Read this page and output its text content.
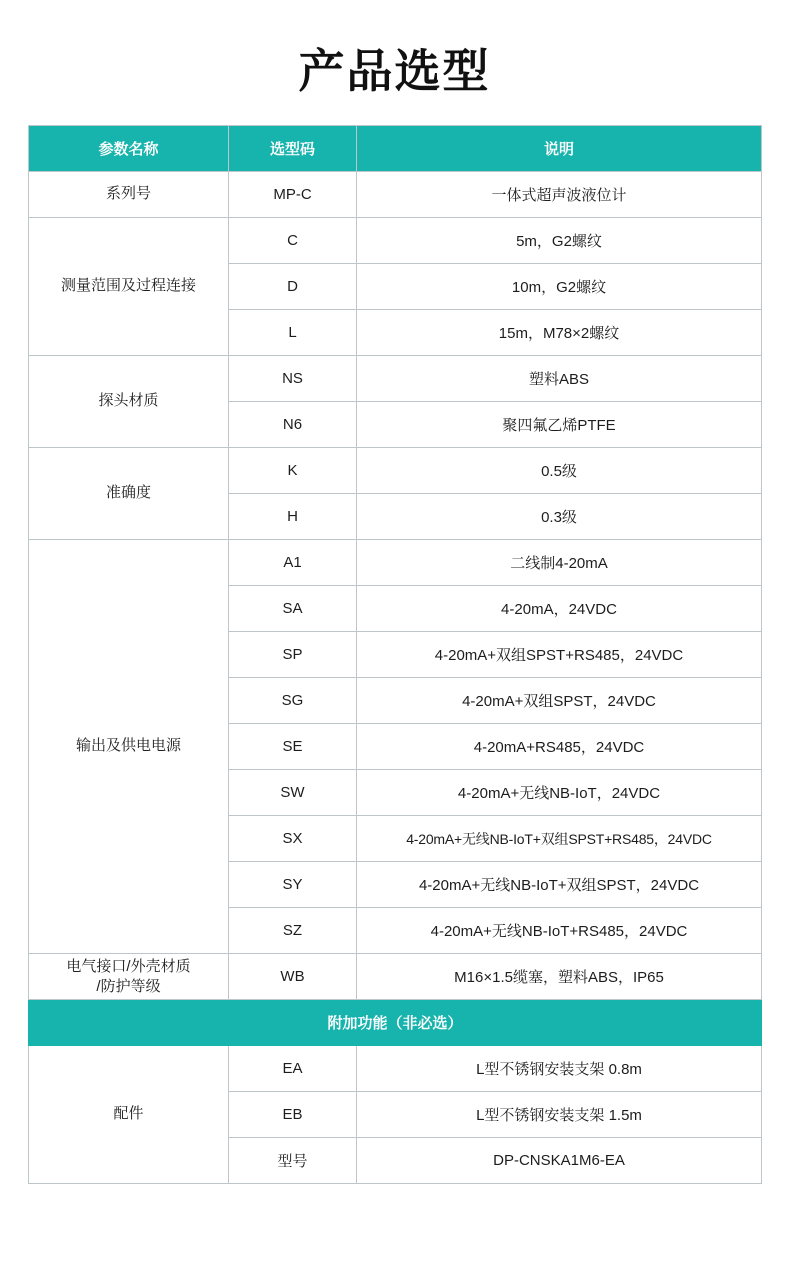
产品选型
参数名称	选型码	说明
系列号	MP-C	一体式超声波液位计
测量范围及过程连接	C	5m，G2螺纹
	D	10m，G2螺纹
	L	15m，M78×2螺纹
探头材质	NS	塑料ABS
	N6	聚四氟乙烯PTFE
准确度	K	0.5级
	H	0.3级
输出及供电电源	A1	二线制4-20mA
	SA	4-20mA，24VDC
	SP	4-20mA+双组SPST+RS485，24VDC
	SG	4-20mA+双组SPST，24VDC
	SE	4-20mA+RS485，24VDC
	SW	4-20mA+无线NB-IoT，24VDC
	SX	4-20mA+无线NB-IoT+双组SPST+RS485，24VDC
	SY	4-20mA+无线NB-IoT+双组SPST，24VDC
	SZ	4-20mA+无线NB-IoT+RS485，24VDC

电气接口/外壳材质
/防护等级	WB	M16×1.5缆塞，塑料ABS，IP65
附加功能（非必选）		
配件	EA	L型不锈钢安装支架 0.8m
	EB	L型不锈钢安装支架 1.5m
	型号	DP-CNSKA1M6-EA
